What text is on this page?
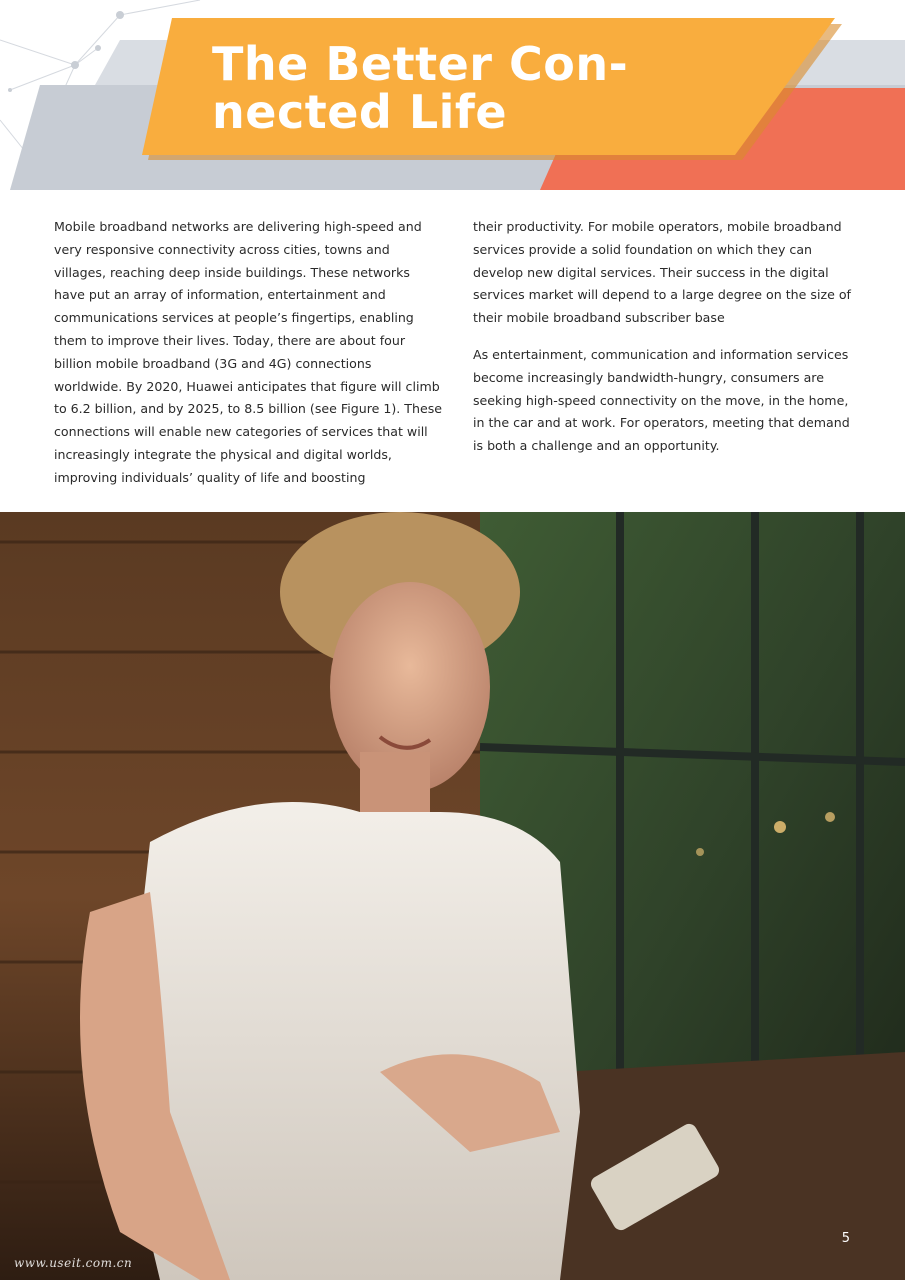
The Better Con-
nected Life

Mobile broadband networks are delivering high-speed and very responsive connectivity across cities, towns and villages, reaching deep inside buildings. These networks have put an array of information, entertainment and communications services at people’s fingertips, enabling them to improve their lives. Today, there are about four billion mobile broadband (3G and 4G) connections worldwide. By 2020, Huawei anticipates that figure will climb to 6.2 billion, and by 2025, to 8.5 billion (see Figure 1). These connections will enable new categories of services that will increasingly integrate the physical and digital worlds, improving individuals’ quality of life and boosting

their productivity. For mobile operators, mobile broadband services provide a solid foundation on which they can develop new digital services. Their success in the digital services market will depend to a large degree on the size of their mobile broadband subscriber base

As entertainment, communication and information services become increasingly bandwidth-hungry, consumers are seeking high-speed connectivity on the move, in the home, in the car and at work. For operators, meeting that demand is both a challenge and an opportunity.

5
www.useit.com.cn
